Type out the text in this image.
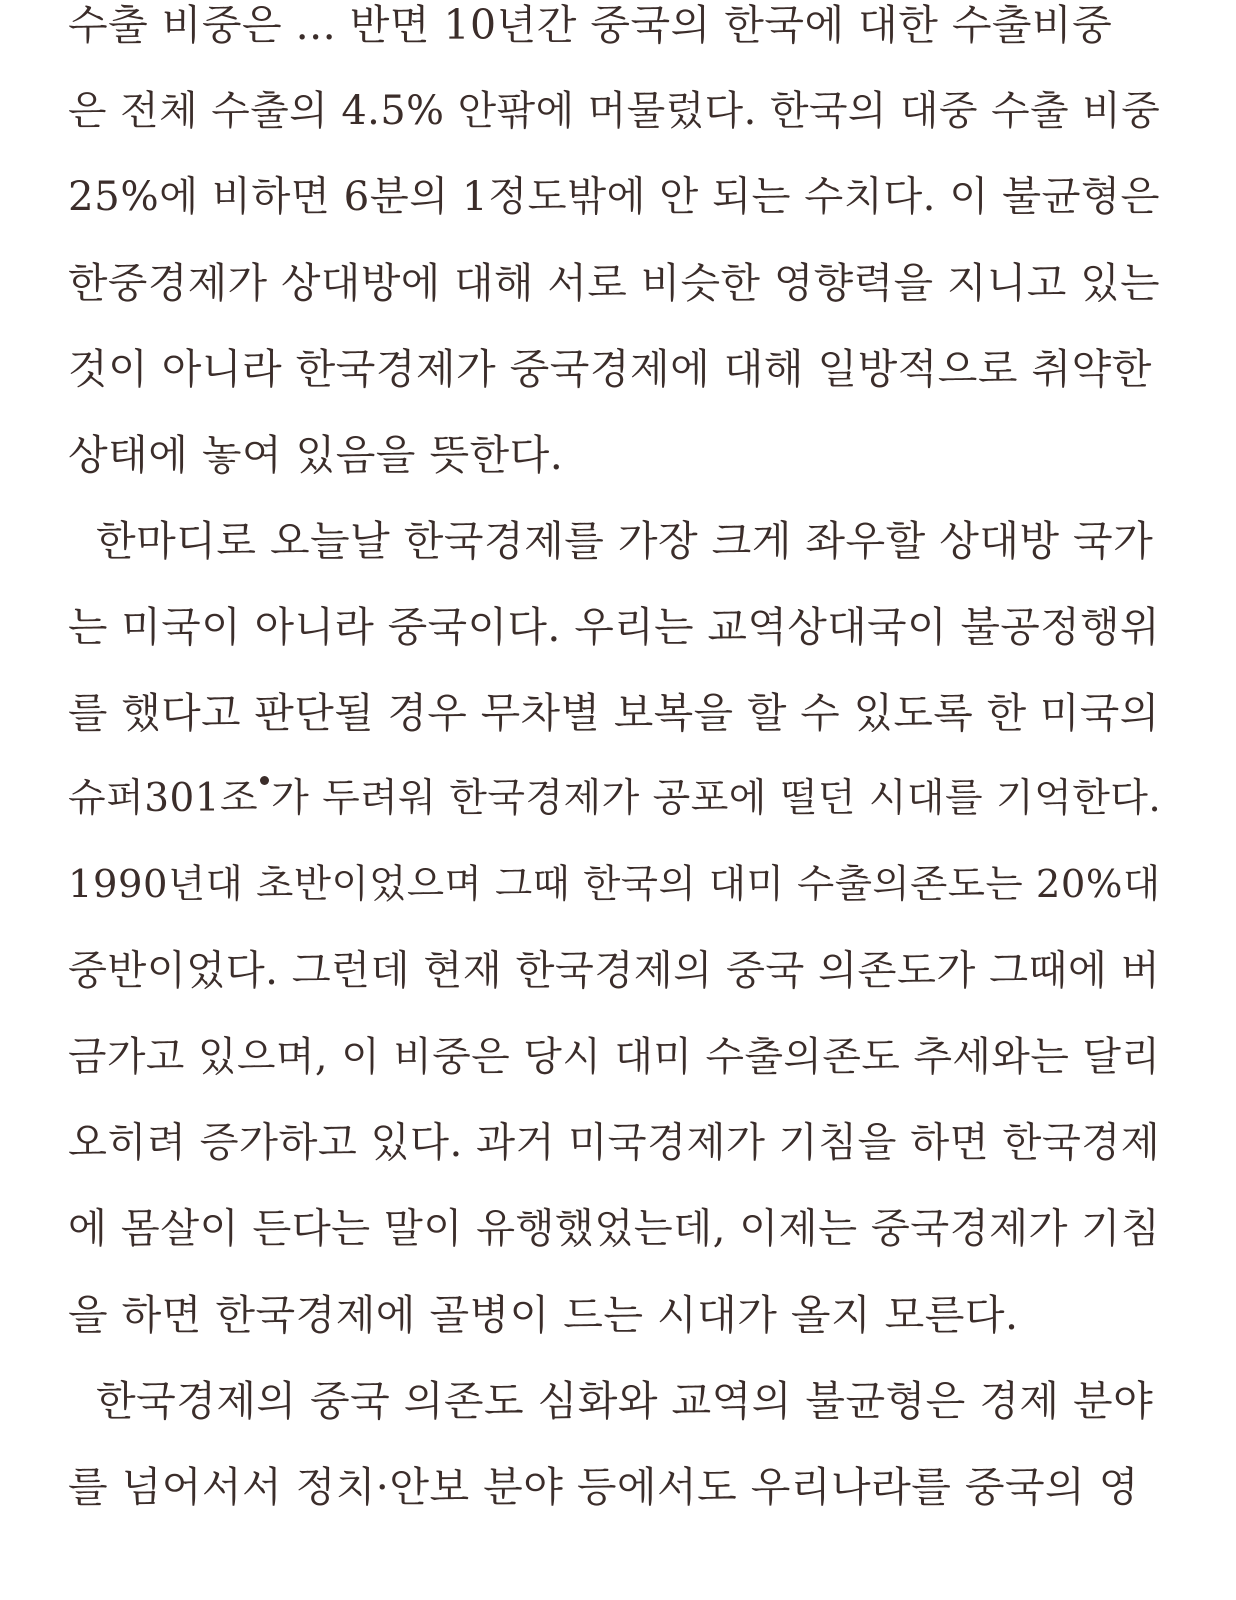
수출 비중은 ... 반면 10년간 중국의 한국에 대한 수출비중
은 전체 수출의 4.5% 안팎에 머물렀다. 한국의 대중 수출 비중
25%에 비하면 6분의 1정도밖에 안 되는 수치다. 이 불균형은
한중경제가 상대방에 대해 서로 비슷한 영향력을 지니고 있는
것이 아니라 한국경제가 중국경제에 대해 일방적으로 취약한
상태에 놓여 있음을 뜻한다.
한마디로 오늘날 한국경제를 가장 크게 좌우할 상대방 국가
는 미국이 아니라 중국이다. 우리는 교역상대국이 불공정행위
를 했다고 판단될 경우 무차별 보복을 할 수 있도록 한 미국의
슈퍼301조 가 두려워 한국경제가 공포에 떨던 시대를 기억한다.
1990년대 초반이었으며 그때 한국의 대미 수출의존도는 20%대
중반이었다. 그런데 현재 한국경제의 중국 의존도가 그때에 버
금가고 있으며, 이 비중은 당시 대미 수출의존도 추세와는 달리
오히려 증가하고 있다. 과거 미국경제가 기침을 하면 한국경제
에 몸살이 든다는 말이 유행했었는데, 이제는 중국경제가 기침
을 하면 한국경제에 골병이 드는 시대가 올지 모른다.
한국경제의 중국 의존도 심화와 교역의 불균형은 경제 분야
를 넘어서서 정치·안보 분야 등에서도 우리나라를 중국의 영
